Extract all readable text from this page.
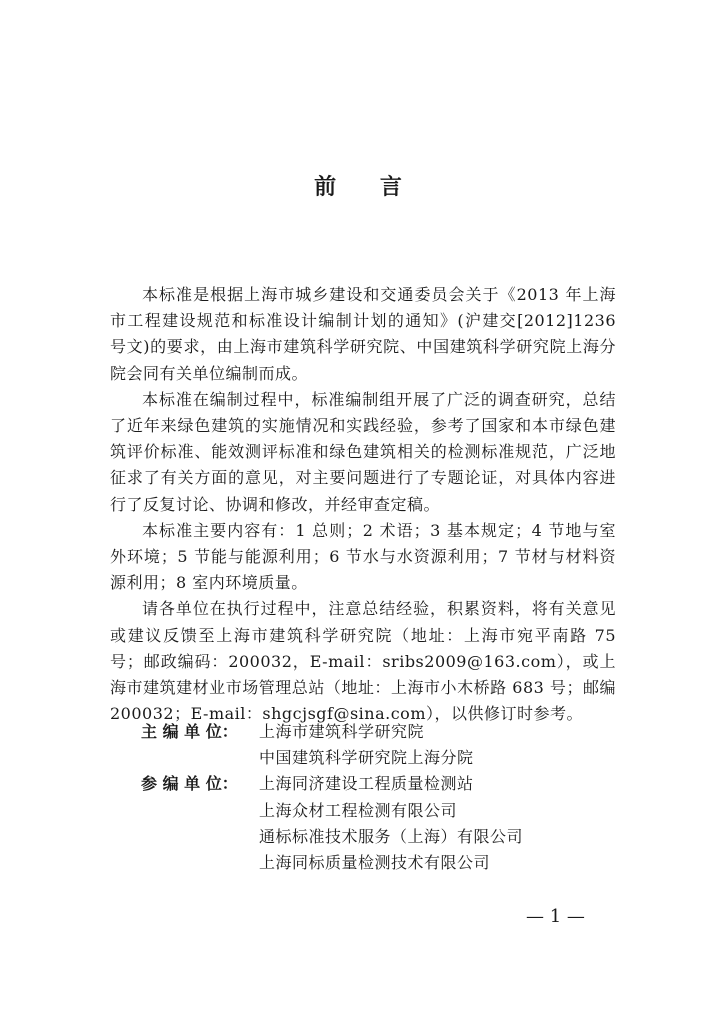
前 言

本标准是根据上海市城乡建设和交通委员会关于《2013 年上海市工程建设规范和标准设计编制计划的通知》(沪建交[2012]1236 号文)的要求，由上海市建筑科学研究院、中国建筑科学研究院上海分院会同有关单位编制而成。

本标准在编制过程中，标准编制组开展了广泛的调查研究，总结了近年来绿色建筑的实施情况和实践经验，参考了国家和本市绿色建筑评价标准、能效测评标准和绿色建筑相关的检测标准规范，广泛地征求了有关方面的意见，对主要问题进行了专题论证，对具体内容进行了反复讨论、协调和修改，并经审查定稿。

本标准主要内容有：1 总则；2 术语；3 基本规定；4 节地与室外环境；5 节能与能源利用；6 节水与水资源利用；7 节材与材料资源利用；8 室内环境质量。

请各单位在执行过程中，注意总结经验，积累资料，将有关意见或建议反馈至上海市建筑科学研究院（地址：上海市宛平南路 75 号；邮政编码：200032，E-mail：sribs2009@163.com），或上海市建筑建材业市场管理总站（地址：上海市小木桥路 683 号；邮编 200032；E-mail：shgcjsgf@sina.com），以供修订时参考。

主 编 单 位：	上海市建筑科学研究院
中国建筑科学研究院上海分院
参 编 单 位：	上海同济建设工程质量检测站
上海众材工程检测有限公司
通标标准技术服务（上海）有限公司
上海同标质量检测技术有限公司
— 1 —
